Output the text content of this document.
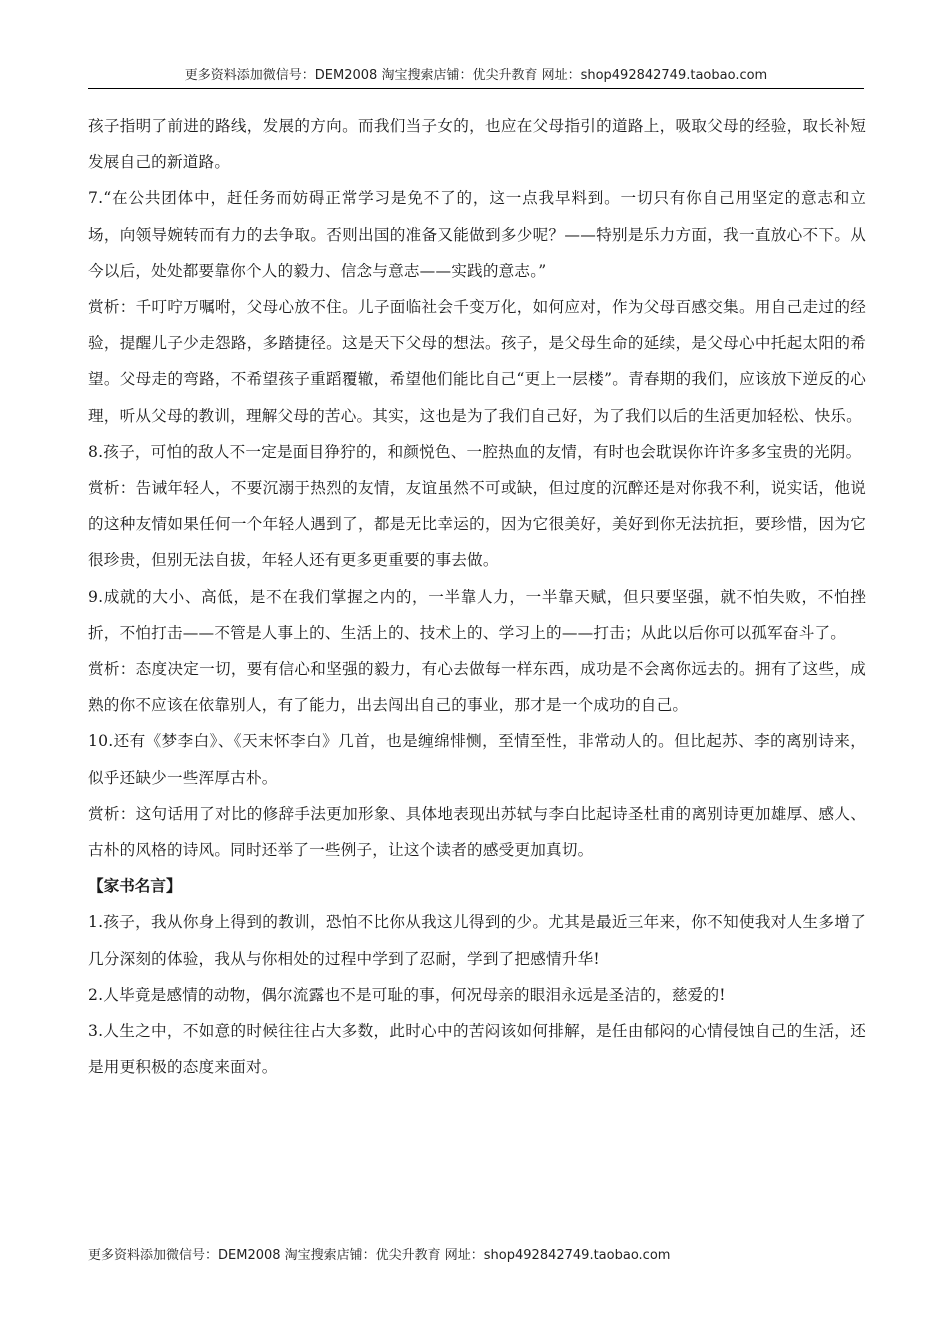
更多资料添加微信号：DEM2008 淘宝搜索店铺：优尖升教育 网址：shop492842749.taobao.com

孩子指明了前进的路线，发展的方向。而我们当子女的，也应在父母指引的道路上，吸取父母的经验，取长补短发展自己的新道路。

7.“在公共团体中，赶任务而妨碍正常学习是免不了的，这一点我早料到。一切只有你自己用坚定的意志和立场，向领导婉转而有力的去争取。否则出国的准备又能做到多少呢？——特别是乐力方面，我一直放心不下。从今以后，处处都要靠你个人的毅力、信念与意志——实践的意志。”

赏析：千叮咛万嘱咐，父母心放不住。儿子面临社会千变万化，如何应对，作为父母百感交集。用自己走过的经验，提醒儿子少走怨路，多踏捷径。这是天下父母的想法。孩子，是父母生命的延续，是父母心中托起太阳的希望。父母走的弯路，不希望孩子重蹈覆辙，希望他们能比自己“更上一层楼”。青春期的我们，应该放下逆反的心理，听从父母的教训，理解父母的苦心。其实，这也是为了我们自己好，为了我们以后的生活更加轻松、快乐。

8.孩子，可怕的敌人不一定是面目狰狞的，和颜悦色、一腔热血的友情，有时也会耽误你许许多多宝贵的光阴。

赏析：告诫年轻人，不要沉溺于热烈的友情，友谊虽然不可或缺，但过度的沉醉还是对你我不利，说实话，他说的这种友情如果任何一个年轻人遇到了，都是无比幸运的，因为它很美好，美好到你无法抗拒，要珍惜，因为它很珍贵，但别无法自拔，年轻人还有更多更重要的事去做。

9.成就的大小、高低，是不在我们掌握之内的，一半靠人力，一半靠天赋，但只要坚强，就不怕失败，不怕挫折，不怕打击——不管是人事上的、生活上的、技术上的、学习上的——打击；从此以后你可以孤军奋斗了。

赏析：态度决定一切，要有信心和坚强的毅力，有心去做每一样东西，成功是不会离你远去的。拥有了这些，成熟的你不应该在依靠别人，有了能力，出去闯出自己的事业，那才是一个成功的自己。

10.还有《梦李白》、《天末怀李白》几首，也是缠绵悱恻，至情至性，非常动人的。但比起苏、李的离别诗来，似乎还缺少一些浑厚古朴。

赏析：这句话用了对比的修辞手法更加形象、具体地表现出苏轼与李白比起诗圣杜甫的离别诗更加雄厚、感人、古朴的风格的诗风。同时还举了一些例子，让这个读者的感受更加真切。

【家书名言】

1.孩子，我从你身上得到的教训，恐怕不比你从我这儿得到的少。尤其是最近三年来，你不知使我对人生多增了几分深刻的体验，我从与你相处的过程中学到了忍耐，学到了把感情升华!

2.人毕竟是感情的动物，偶尔流露也不是可耻的事，何况母亲的眼泪永远是圣洁的，慈爱的!

3.人生之中，不如意的时候往往占大多数，此时心中的苦闷该如何排解，是任由郁闷的心情侵蚀自己的生活，还是用更积极的态度来面对。

更多资料添加微信号：DEM2008 淘宝搜索店铺：优尖升教育 网址：shop492842749.taobao.com
